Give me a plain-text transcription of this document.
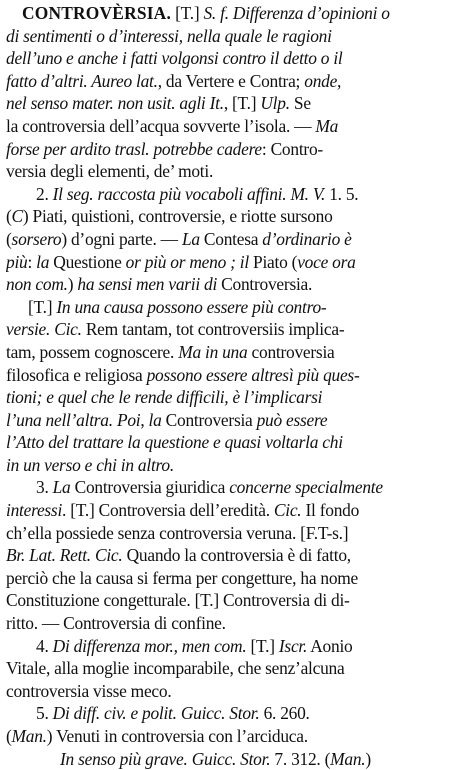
CONTROVÈRSIA. [T.] S. f. Differenza d’opinioni o
di sentimenti o d’interessi, nella quale le ragioni
dell’uno e anche i fatti volgonsi contro il detto o il
fatto d’altri. Aureo lat., da Vertere e Contra; onde,
nel senso mater. non usit. agli It., [T.] Ulp. Se
la controversia dell’acqua sovverte l’isola. — Ma
forse per ardito trasl. potrebbe cadere: Contro-
versia degli elementi, de’ moti.
2. Il seg. raccosta più vocaboli affini. M. V. 1. 5.
(C) Piati, quistioni, controversie, e riotte sursono
(sorsero) d’ogni parte. — La Contesa d’ordinario è
più: la Questione or più or meno ; il Piato (voce ora
non com.) ha sensi men varii di Controversia.
[T.] In una causa possono essere più contro-
versie. Cic. Rem tantam, tot controversiis implica-
tam, possem cognoscere. Ma in una controversia
filosofica e religiosa possono essere altresì più ques-
tioni; e quel che le rende difficili, è l’implicarsi
l’una nell’altra. Poi, la Controversia può essere
l’Atto del trattare la questione e quasi voltarla chi
in un verso e chi in altro.
3. La Controversia giuridica concerne specialmente
interessi. [T.] Controversia dell’eredità. Cic. Il fondo
ch’ella possiede senza controversia veruna. [F.T-s.]
Br. Lat. Rett. Cic. Quando la controversia è di fatto,
perciò che la causa si ferma per congetture, ha nome
Constituzione congetturale. [T.] Controversia di di-
ritto. — Controversia di confine.
4. Di differenza mor., men com. [T.] Iscr. Aonio
Vitale, alla moglie incomparabile, che senz’alcuna
controversia visse meco.
5. Di diff. civ. e polit. Guicc. Stor. 6. 260.
(Man.) Venuti in controversia con l’arciduca.
In senso più grave. Guicc. Stor. 7. 312. (Man.)
